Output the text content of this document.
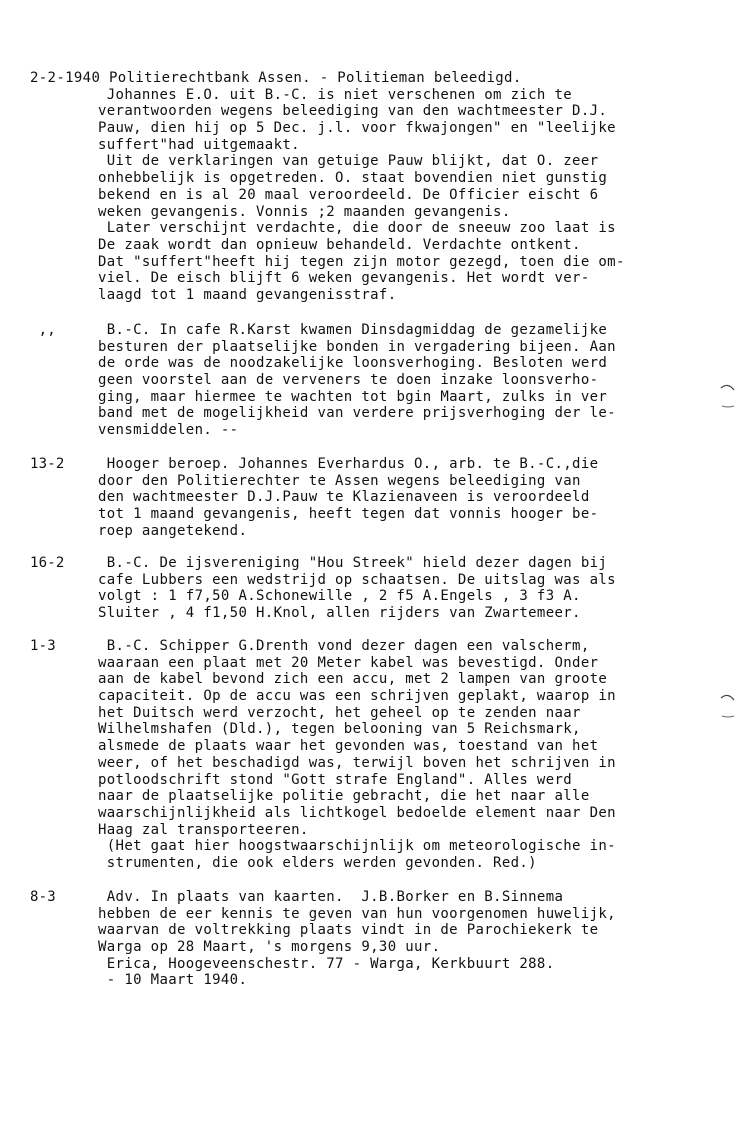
2-2-1940 Politierechtbank Assen. - Politieman beleedigd.
Johannes E.O. uit B.-C. is niet verschenen om zich te
verantwoorden wegens beleediging van den wachtmeester D.J.
Pauw, dien hij op 5 Dec. j.l. voor fkwajongen" en "leelijke
suffert"had uitgemaakt.
Uit de verklaringen van getuige Pauw blijkt, dat O. zeer
onhebbelijk is opgetreden. O. staat bovendien niet gunstig
bekend en is al 20 maal veroordeeld. De Officier eischt 6
weken gevangenis. Vonnis ;2 maanden gevangenis.
Later verschijnt verdachte, die door de sneeuw zoo laat is
De zaak wordt dan opnieuw behandeld. Verdachte ontkent.
Dat "suffert"heeft hij tegen zijn motor gezegd, toen die om-
viel. De eisch blijft 6 weken gevangenis. Het wordt ver-
laagd tot 1 maand gevangenisstraf.
,,	B.-C. In cafe R.Karst kwamen Dinsdagmiddag de gezamelijke
besturen der plaatselijke bonden in vergadering bijeen. Aan
de orde was de noodzakelijke loonsverhoging. Besloten werd
geen voorstel aan de verveners te doen inzake loonsverho-
ging, maar hiermee te wachten tot bgin Maart, zulks in ver
band met de mogelijkheid van verdere prijsverhoging der le-
vensmiddelen. --
13-2 Hooger beroep. Johannes Everhardus O., arb. te B.-C.,die
door den Politierechter te Assen wegens beleediging van
den wachtmeester D.J.Pauw te Klazienaveen is veroordeeld
tot 1 maand gevangenis, heeft tegen dat vonnis hooger be-
roep aangetekend.
16-2 B.-C. De ijsvereniging "Hou Streek" hield dezer dagen bij
cafe Lubbers een wedstrijd op schaatsen. De uitslag was als
volgt : 1 f7,50 A.Schonewille , 2 f5 A.Engels , 3 f3 A.
Sluiter , 4 f1,50 H.Knol, allen rijders van Zwartemeer.
1-3	B.-C. Schipper G.Drenth vond dezer dagen een valscherm,
waaraan een plaat met 20 Meter kabel was bevestigd. Onder
aan de kabel bevond zich een accu, met 2 lampen van groote
capaciteit. Op de accu was een schrijven geplakt, waarop in
het Duitsch werd verzocht, het geheel op te zenden naar
Wilhelmshafen (Dld.), tegen belooning van 5 Reichsmark,
alsmede de plaats waar het gevonden was, toestand van het
weer, of het beschadigd was, terwijl boven het schrijven in
potloodschrift stond "Gott strafe England". Alles werd
naar de plaatselijke politie gebracht, die het naar alle
waarschijnlijkheid als lichtkogel bedoelde element naar Den
Haag zal transporteeren.
(Het gaat hier hoogstwaarschijnlijk om meteorologische in-
strumenten, die ook elders werden gevonden. Red.)
8-3	Adv. In plaats van kaarten.  J.B.Borker en B.Sinnema
hebben de eer kennis te geven van hun voorgenomen huwelijk,
waarvan de voltrekking plaats vindt in de Parochiekerk te
Warga op 28 Maart, 's morgens 9,30 uur.
Erica, Hoogeveenschestr. 77 - Warga, Kerkbuurt 288.
- 10 Maart 1940.
